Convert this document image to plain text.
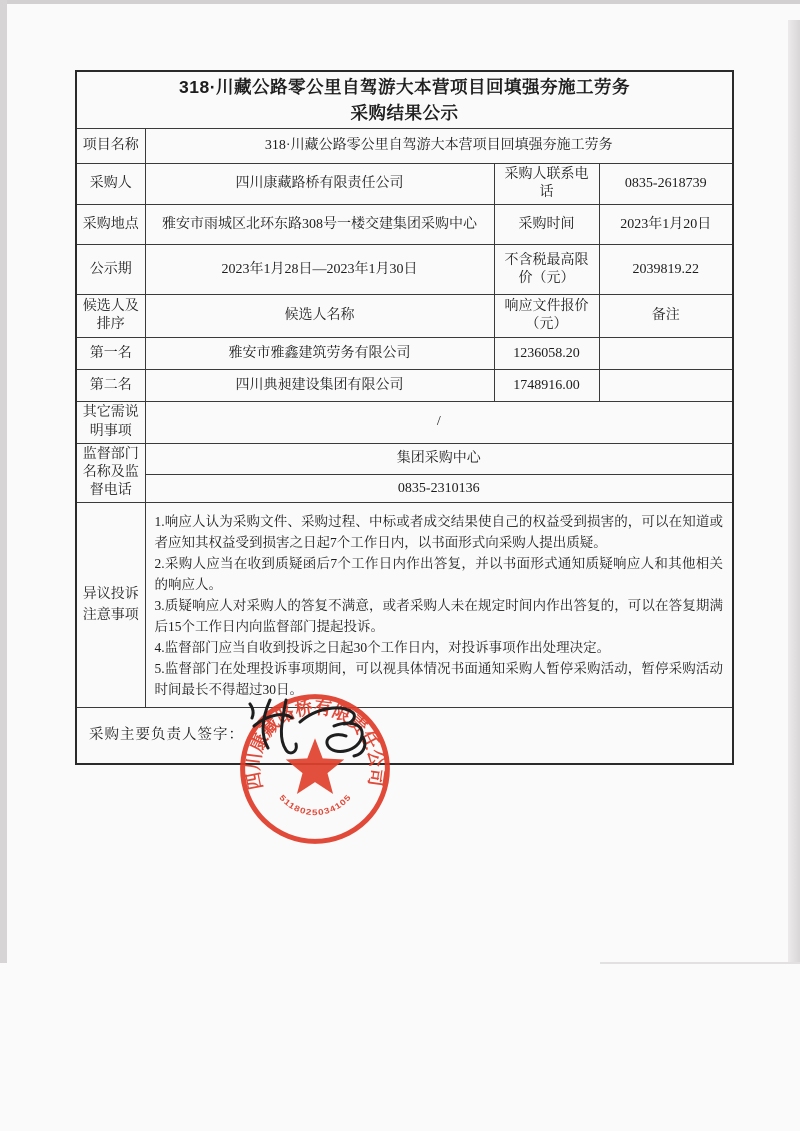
318·川藏公路零公里自驾游大本营项目回填强夯施工劳务
采购结果公示			

项目名称	318·川藏公路零公里自驾游大本营项目回填强夯施工劳务		
采购人	四川康藏路桥有限责任公司	采购人联系电话	0835-2618739
采购地点	雅安市雨城区北环东路308号一楼交建集团采购中心	采购时间	2023年1月20日
公示期	2023年1月28日—2023年1月30日	不含税最高限价（元）	2039819.22
候选人及排序	候选人名称	响应文件报价（元）	备注
第一名	雅安市雅鑫建筑劳务有限公司	1236058.20	
第二名	四川典昶建设集团有限公司	1748916.00	
其它需说明事项	/		
监督部门名称及监督电话	集团采购中心		
	0835-2310136		
异议投诉注意事项	1.响应人认为采购文件、采购过程、中标或者成交结果使自己的权益受到损害的，可以在知道或者应知其权益受到损害之日起7个工作日内，以书面形式向采购人提出质疑。
2.采购人应当在收到质疑函后7个工作日内作出答复，并以书面形式通知质疑响应人和其他相关的响应人。
3.质疑响应人对采购人的答复不满意，或者采购人未在规定时间内作出答复的，可以在答复期满后15个工作日内向监督部门提起投诉。
4.监督部门应当自收到投诉之日起30个工作日内，对投诉事项作出处理决定。
5.监督部门在处理投诉事项期间，可以视具体情况书面通知采购人暂停采购活动，暂停采购活动时间最长不得超过30日。		

采购主要负责人签字：			
四川康藏路桥有限责任公司
5118025034105
